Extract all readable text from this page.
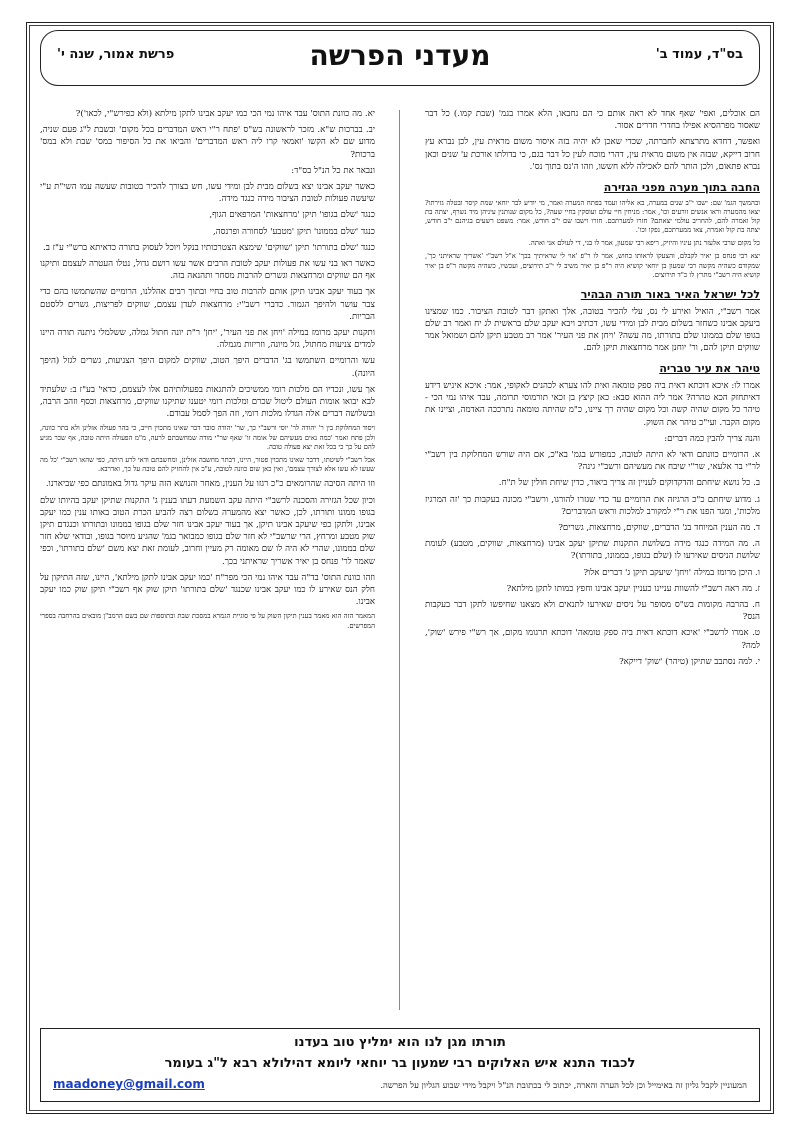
פרשת אמור, שנה י'	מעדני הפרשה	בס"ד, עמוד ב'

הם אוכלים, ואפי' שאף אחד לא ראה אותם כי הם נחבאו, הלא אמרו בגמ' (שבת קמו.) כל דבר שאסור מפרהסיא אפילו בחדרי חדרים אסור.

ואפשר, דחדא מתרצתא לחברתה, שכדי שאכן לא יהיה בזה איסור משום מראית עין, לכן נברא עץ חרוב דייקא, שבזה אין משום מראית עין, דהרי מוכח לעין כל דבר בגם, כי בדולתו אורכת ע' שנים וכאן נברא פתאום, ולכן הותר להם לאכילה ללא חששו, וזהו ה'נס בתוך נס'.

החבה בתוך מערה מפני הגזירה

ובהמשך הגמ' שם: ישבו י"ב שנים במערה, בא אליהו ועמד בפתח המערה ואמר, מי יודיע לבר יוחאי שמת קיסר ובטלה גזירתו? יצאו מהמערה וראו אנשים זורעים וכו', אמר: מניחין חיי עולם ועוסקין בחיי שעה?, כל מקום שנותנין עיניהן מיד נשרף, יצתה בת קול ואמרה להם, להחריב עולמי יצאתם? חזרו למערתכם. חזרו וישבו שם י"ב חודש, אמר: משפט רשעים בגיהנם י"ב חודש, יצתה בת קול ואמרה, צאו ממערתכם, נפקו וכו'.

כל מקום שרבי אלעזר נתן עיניו והיזיק, ריפא רבי שמעון, אמר לו בני, די לעולם אני ואתה.

יצא רבי פנחס בן יאיר לקבלם, והצעקו לראותו כחוש, אמר לו ר"פ 'אוי לי שראיתיך בכך' א"ל רשב"י 'אשריך שראיתני כך', שמקודם כשהיה מקשה רבי שמעון בן יוחאי קושיא היה ר"פ בן יאיר משיב לי י"ב תירוצים, ועכשיו, כשהיה מקשה ר"פ בן יאיר קושיא היה רשב"י מתרץ לו כ"ד תירוצים.

לכל ישראל האיר באור תורה הבהיר

אמר רשב"י, הואיל ואירע לי נס, עלי להכיר בטובה, אלך ואתקן דבר לטובת הציבור. כמו שמצינו ביעקב אבינו כשחזר בשלום מבית לבן ומידי עשו, דכתיב ויבא יעקב שלם בראשית לג יח ואמר רב שלם בגופו שלם בממונו שלם בתורתו, מה עשה? 'ויחן את פני העיר' אמר רב מטבע תיקן להם ושמואל אמר שווקים תיקן להם, ור' יוחנן אמר מרחצאות תיקן להם.

טיהר את עיר טבריה

אמרו לו: איכא דוכתא דאית ביה ספק טומאה ואית להו צערא לכהנים לאקופי, אמר: איכא איניש דידע דאיתחזק הכא טהרה? אמר ליה ההוא סבא: כאן קיצץ בן זכאי תורמוסי תרומה, עבד איהו נמי הכי - טיהר כל מקום שהיה קשה וכל מקום שהיה רך ציינו, כ"מ שהיתה טומאה נתרככה האדמה, וציינו את מקום הקבר. ועי"כ טיהר את השוק.

והנה צריך להבין כמה דברים:

א. הרומיים כוונתם ודאי לא היתה לטובה, כמפורש בגמ' בא"כ, אם היה שורש המחלוקת בין רשב"י לר"י בר אלעאי, שר"י שיבח את מעשיהם ורשב"י גינה?

ב. כל נושא שיחתם והדקדוקים לעניין זה צריך ביאור, כדין שיחת חולין של ת"ח.

ג. מדוע שיחתם כ"כ הרגיזה את הרומיים עד כדי שגזרו להורגו, ורשב"י מכונה בעקבות כך 'זה המרגיז מלכות', ומגד הפנו את ר"י למקורב למלכות וראש המדברים?

ד. מה הענין המיוחד בג' הדברים, שווקים, מרחצאות, גשרים?

ה. מה המידה כנגד מידה בשלושת התקנות שתיקן יעקב אבינו (מרחצאות, שווקים, מטבע) לעומת שלושת הניסים שאירעו לו (שלם בגופו, בממונו, בתורתו)?

ו. היכן מרומז במילה 'ויחן' שיעקב תיקן ג' דברים אלו?

ז. מה ראה רשב"י להשוות עניינו כעניין יעקב אבינו וחפץ כמותו לתקן מילתא?

ח. בהרבה מקומות בש"ס מסופר על ניסים שאירעו לתנאים ולא מצאנו שחיפשו לתקן דבר בעקבות הנס?

ט. אמרו לרשב"י 'איכא דוכתא דאית ביה ספק טומאה' דוכתא תרגומו מקום, אך רש"י פירש 'שוק', למה?

י. למה נסתבב שתיקן (טיהר) 'שוק' דייקא?

יא. מה כוונת התוס' עבד איהו נמי הכי כמו יעקב אבינו לתקן מילתא (ולא כפירש"י, לכאו')?

יב. בברכות ש"א. מזכר לראשונה בש"ס 'פתח ר"י ראש המדברים בכל מקום' ובשבת ל"ג פעם שניה, מדוע שם לא הקשו 'ואמאי קרו ליה ראש המדברים' והביאו את כל הסיפור במס' שבת ולא במס' ברכות?

ונבאר את כל הנ"ל בס"ד:

כאשר יעקב אבינו יצא בשלום מבית לבן ומידי עשו, חש בצורך להכיר בטובות שעשה עמו השי"ת ע"י שיעשה פעולות לטובת הציבור מידה כנגד מידה.

כנגד 'שלם בגופו' תיקן 'מרחצאות' המרפאים הגוף,

כנגד 'שלם בממונו' תיקן 'מטבע' לסחורה ופרנסה,

כנגד 'שלם בתורתו' תיקן 'שווקים' שימצא הצטרכותיו בנקל ויוכל לעסוק בתורה כדאיתא ברש"י ע"ז ב.

כאשר ראו בני עשו את פעולות יעקב לטובת הרבים אשר עשו רושם גדול, נטלו העטרה לעצמם ותיקנו אף הם שווקים ומרחצאות וגשרים להרבות מסחר ותהנאה בזה.

אך בעוד יעקב אבינו תיקן אותם להרבות טוב בחיי ובתוך רבים אהללנו, הרומיים שהשתמשו בהם כדי צבר עושר ולהיפך הגמור. כדברי רשב"י: מרחצאות לעדן עצמם, שווקים לפריצות, גשרים ללסטם הבריות.

ותקנות יעקב מרומז במילה 'ויחן את פני העיר', 'יחן' ר"ת יונה חתול גמלה, ששלמלי ניתנה תורה היינו למדים צניעות מחתול, גזל מיונה, וזריזות מגמלה.

עשו והרומיים השתמשו בג' הדברים היפך הטוב, שווקים למקום היפך הצניעות, גשרים לגזל (היפך היונה).

אך עשו, ונכדיו הם מלכות רומי ממשיכים להתגאות בפעולותיהם אלו לעצמם, כדאי' בע"ז ב: שלעתיד לבא יבואו אומות העולם ליטול שכרם ומלכות רומי יטענו שתיקנו שווקים, מרחצאות וכסף וזהב הרבה, ובשלושה דברים אלה הגדלו מלכות רומי, וזה הפך לסמל עבודם.

ויסוד המחלוקת בין ר' יהודה לר' יוסי ורשב"י כך, שר' יהודה סובר דבר שאינו מתכוין חייב, כי בהר פעולה אזלינן ולא בתר כוונה, ולכן פתח ואמר 'כמה נאים מעשיהם של אומה זו' שאף שר"י מודה שמחשבתם לרעה, מ"מ הפעולה היתה טובה, אף שכר מגיע להם על כך כי בכל זאת יצא פעולה טובה.

אבל רשב"י לשיטתו, דדבר שאינו מתכוין פטור, היינו, דבתר מחשבה אזלינן, ומחשבתם ודאי לרע היתה, כפי שהאו רשב"י 'כל מה שעשו לא עשו אלא לצורך עצמם', ואין כאן שום כוונה לטובה, ע"כ אין להחזיק להם טובה על כך, ואדרבא.

וזו היתה הסיבה שהרומאים כ"כ רגזו על הענין, מאחר והנושא הזה עיקר גדול באמונתם כפי שביארנו.

וכיון שכל הגזירה והסכנה לרשב"י היתה עקב השמעת דעתו בענין ג' התקנות שתיקן יעקב בהיותו שלם בגופו ממונו ותורתו, לכן, כאשר יצא מהמערה בשלום רצה להביע הכרת הטוב באותו ענין כמו יעקב אבינו, ולתקן כפי שיעקב אבינו תיקן, אך בעוד יעקב אבינו חזר שלם בגופו בממונו ובתורתו וכנגדם תיקן שוק מטבע ומרחץ, הרי שרשב"י לא חזר שלם בגופו כמבואר בגמ' שהגיע מיוסר בגופו, ובודאי שלא חזר שלם בממונו, שהרי לא היה לו שם מאומה רק מעיין וחרוב, לעומת זאת יצא משם 'שלם בתורתו', וכפי שאמר לר' פנחס בן יאיר אשריך שראיתני בכך.

וזהו כוונת התוס' בד"ה עבד איהו נמי הכי מפר"ח 'כמו יעקב אבינו לתקן מילתא', היינו, שזה התיקון על חלק הנס שאירע לו כמו יעקב אבינו שכנגד 'שלם בתורתו' תיקן שוק אף רשב"י תיקן שוק כמו יעקב אבינו.

המאמר הזה הוא מאמר בענין תיקון השוק על פי סוגיית הגמרא במסכת שבת ובתוספות שם בשם הרמב"ן מובאים בהרחבה בספרי המפרשים.

תורתו מגן לנו הוא ימליץ טוב בעדנו
לכבוד התנא איש האלוקים רבי שמעון בר יוחאי ליומא דהילולא רבא ל"ג בעומר
המעוניין לקבל גליון זה באימייל וכן לכל הערה והארה, יכתוב לי בכתובת הנ"ל ויקבל מידי שבוע הגליון על הפרשה.
maadoney@gmail.com
